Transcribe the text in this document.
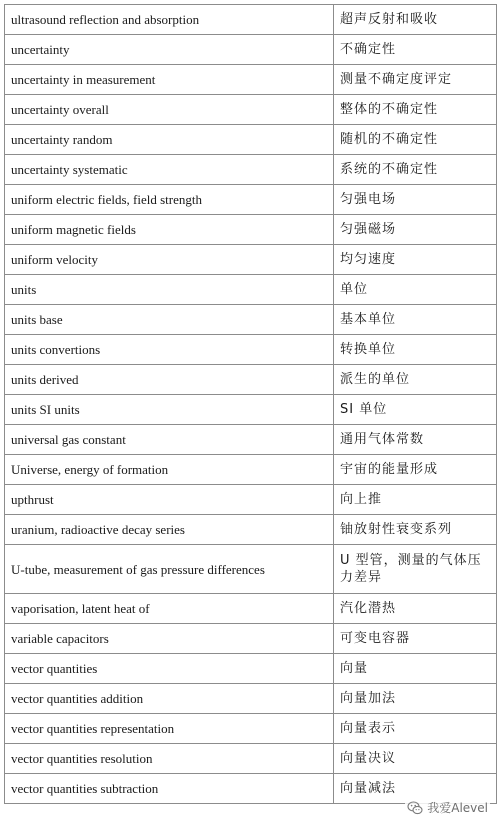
ultrasound reflection and absorption	超声反射和吸收
uncertainty	不确定性
uncertainty in measurement	测量不确定度评定
uncertainty overall	整体的不确定性
uncertainty random	随机的不确定性
uncertainty systematic	系统的不确定性
uniform electric fields, field strength	匀强电场
uniform magnetic fields	匀强磁场
uniform velocity	均匀速度
units	单位
units base	基本单位
units convertions	转换单位
units derived	派生的单位
units SI units	SI 单位
universal gas constant	通用气体常数
Universe, energy of formation	宇宙的能量形成
upthrust	向上推
uranium, radioactive decay series	铀放射性衰变系列
U-tube, measurement of gas pressure differences	U 型管，测量的气体压力差异
vaporisation, latent heat of	汽化潜热
variable capacitors	可变电容器
vector quantities	向量
vector quantities addition	向量加法
vector quantities representation	向量表示
vector quantities resolution	向量决议
vector quantities subtraction	向量减法
我爱Alevel
